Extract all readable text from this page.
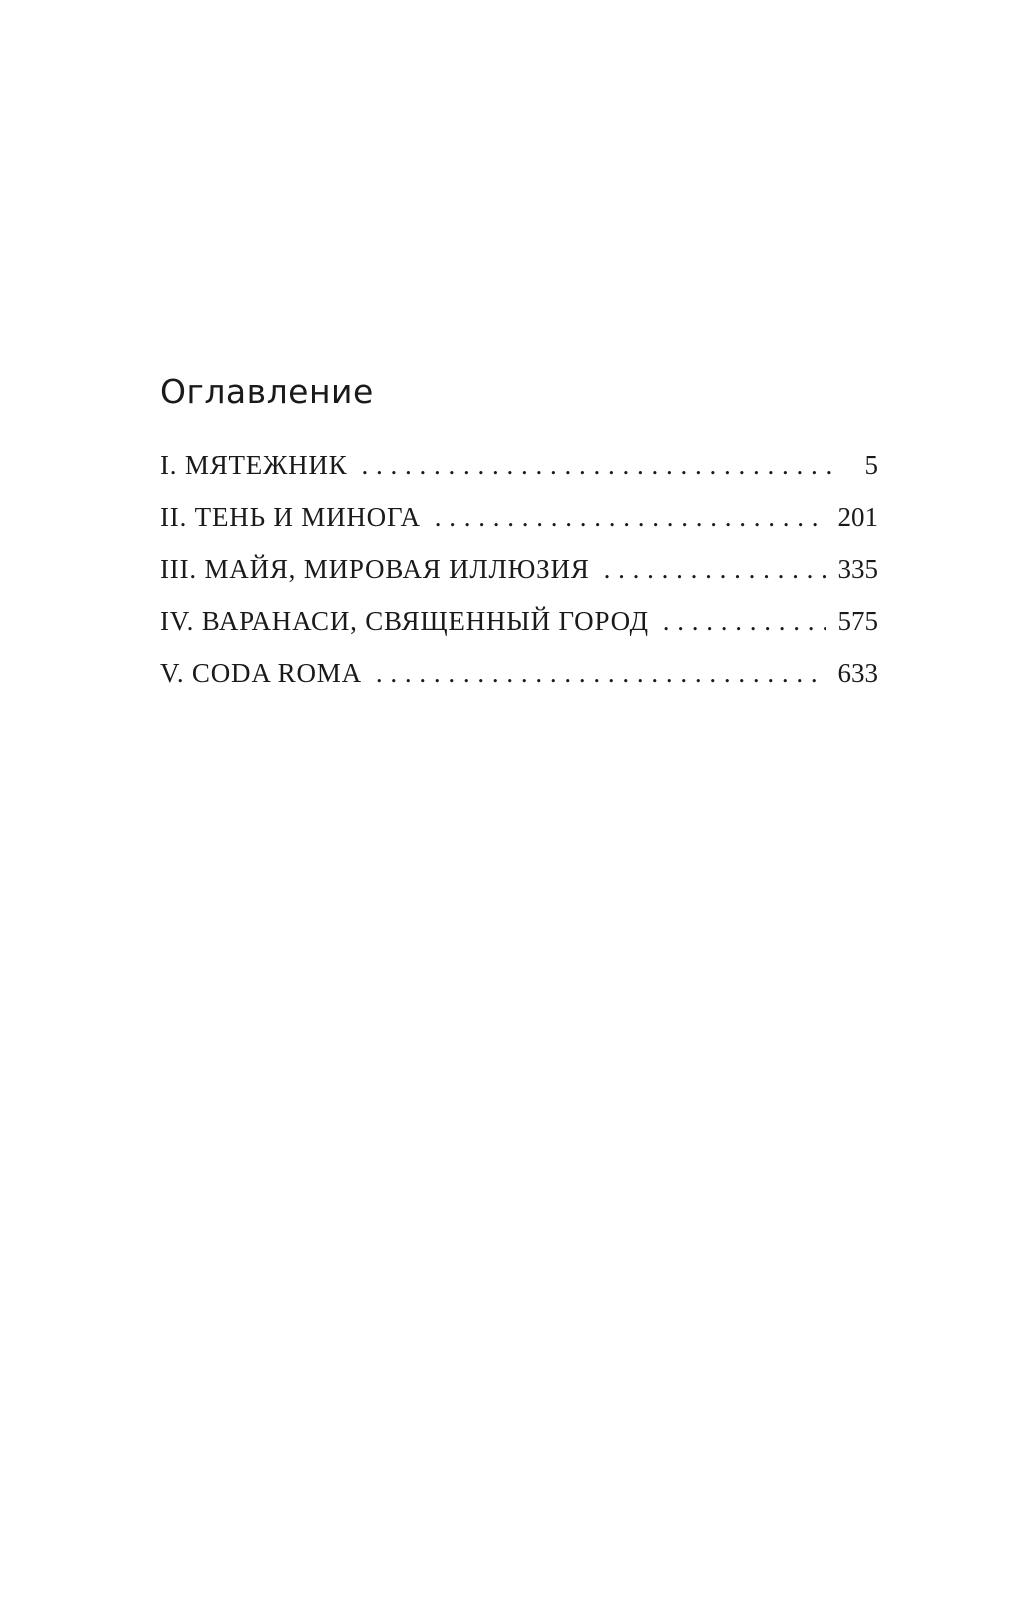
Оглавление
I. МЯТЕЖНИК . . .	5
II. ТЕНЬ И МИНОГА . . .	201
III. МАЙЯ, МИРОВАЯ ИЛЛЮЗИЯ . . .	335
IV. ВАРАНАСИ, СВЯЩЕННЫЙ ГОРОД . . .	575
V. CODA ROMA . . .	633
